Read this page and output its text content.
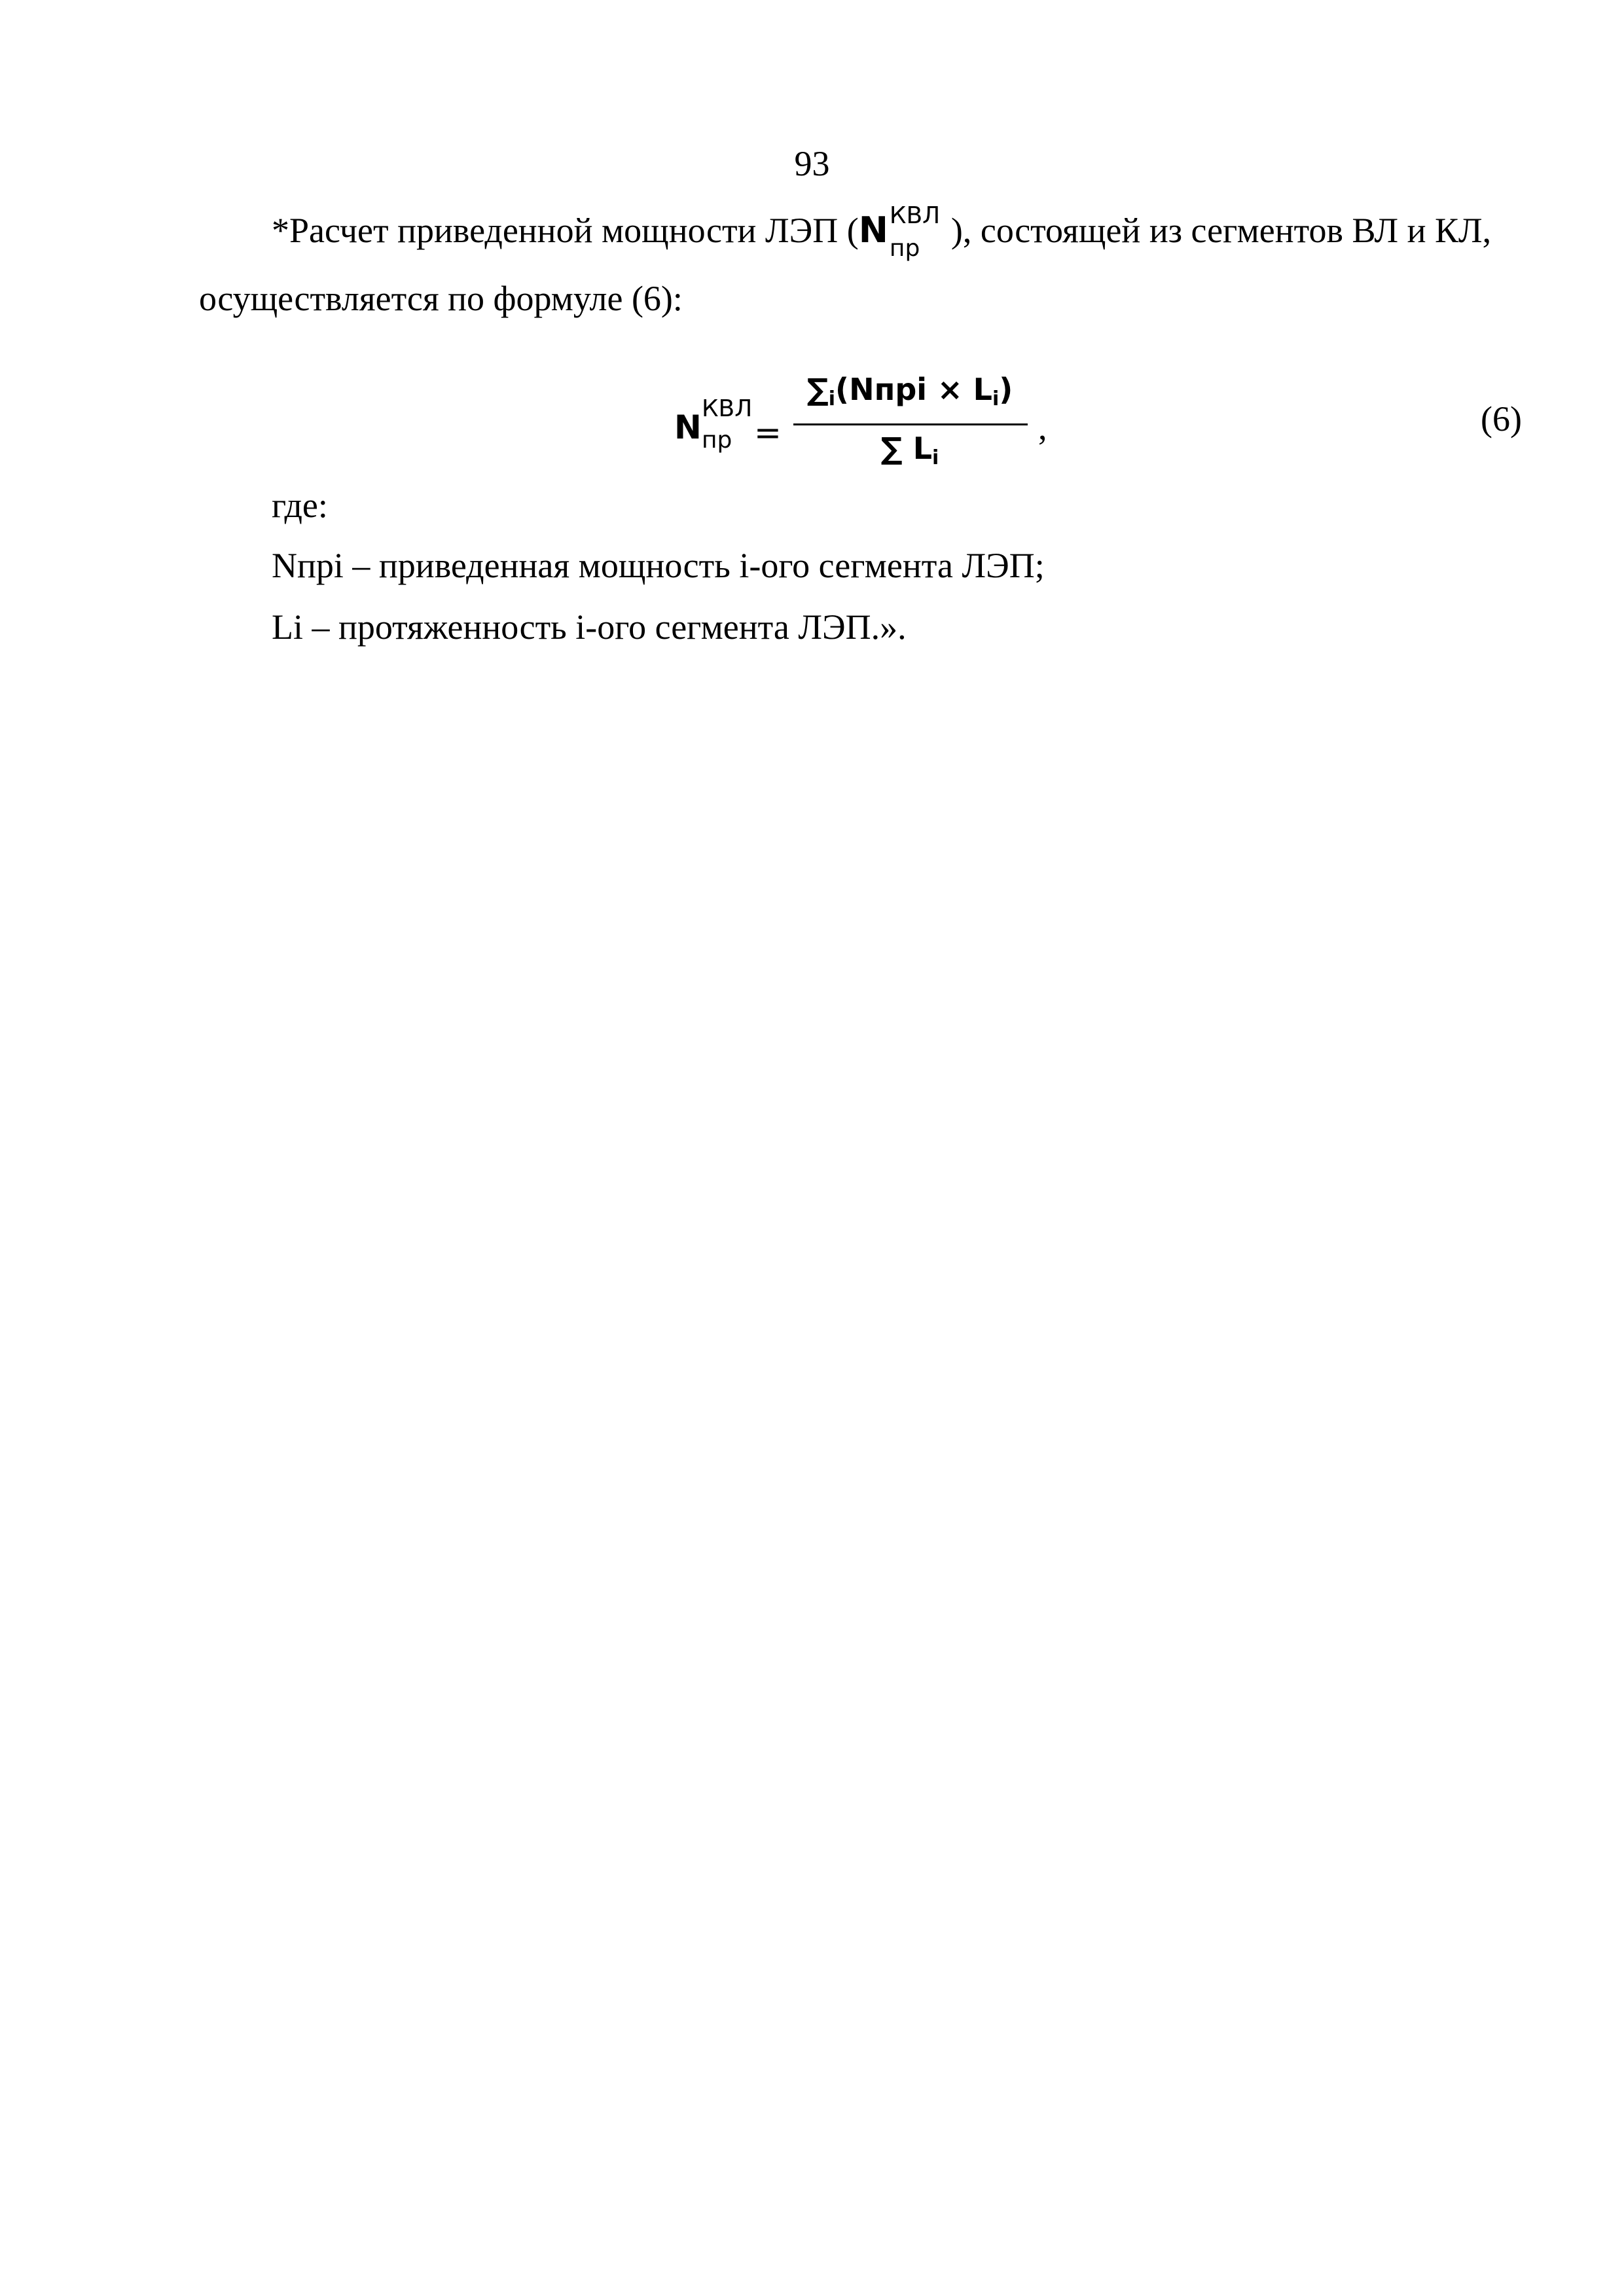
93
*Расчет приведенной мощности ЛЭП (N КВЛ
пр ), состоящей из сегментов ВЛ и КЛ,
осуществляется по формуле (6):
N КВЛ
пр =
∑i(Nпрi × Li)
∑ Li
,	(6)
где:
Nпрi – приведенная мощность i-ого сегмента ЛЭП;
Li – протяженность i-ого сегмента ЛЭП.».
